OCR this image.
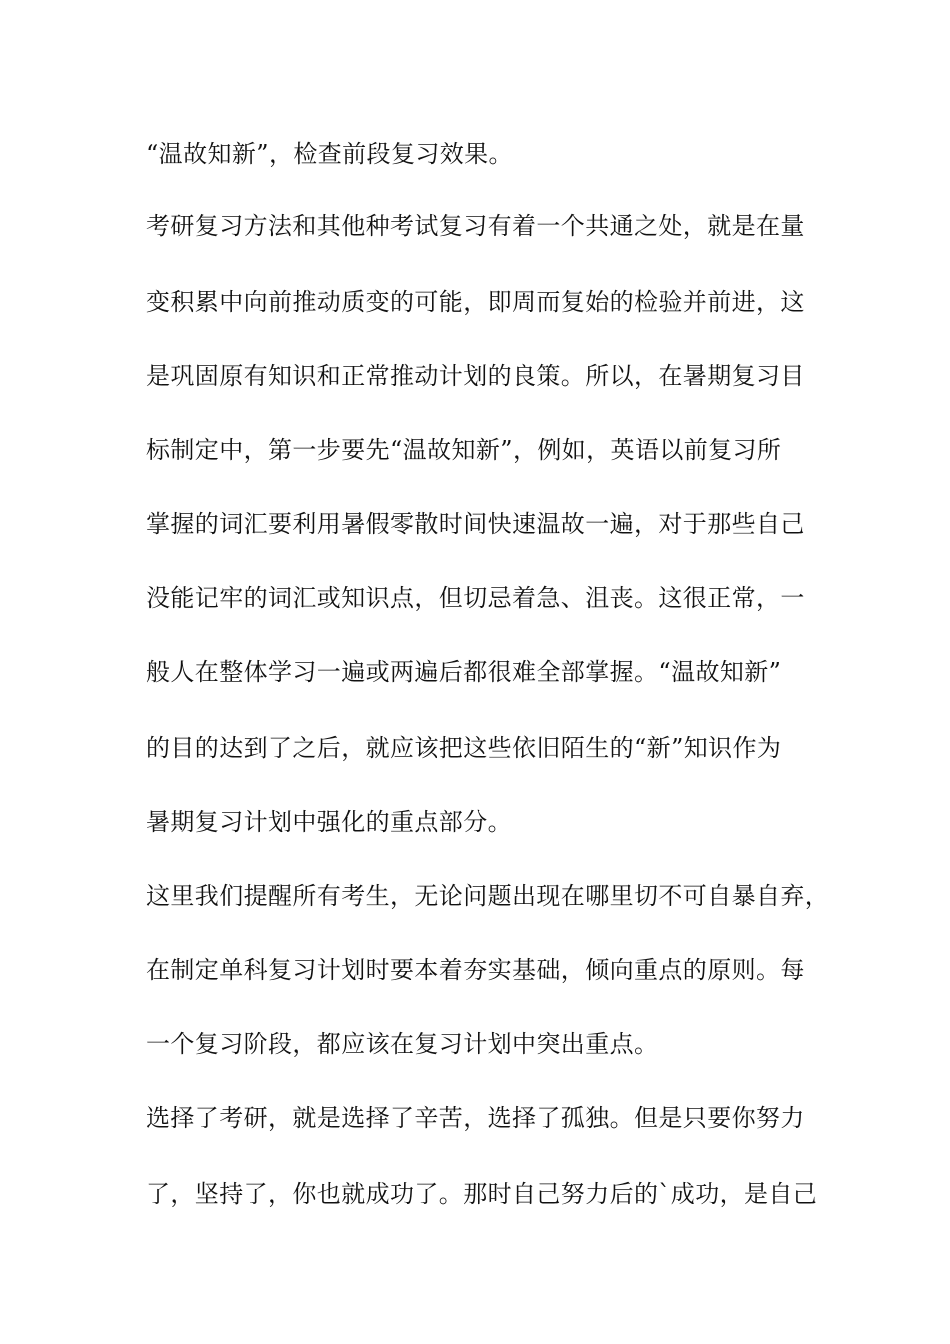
“温故知新”，检查前段复习效果。

考研复习方法和其他种考试复习有着一个共通之处，就是在量

变积累中向前推动质变的可能，即周而复始的检验并前进，这

是巩固原有知识和正常推动计划的良策。所以，在暑期复习目

标制定中，第一步要先“温故知新”，例如，英语以前复习所

掌握的词汇要利用暑假零散时间快速温故一遍，对于那些自己

没能记牢的词汇或知识点，但切忌着急、沮丧。这很正常，一

般人在整体学习一遍或两遍后都很难全部掌握。“温故知新”

的目的达到了之后，就应该把这些依旧陌生的“新”知识作为

暑期复习计划中强化的重点部分。

这里我们提醒所有考生，无论问题出现在哪里切不可自暴自弃，

在制定单科复习计划时要本着夯实基础，倾向重点的原则。每

一个复习阶段，都应该在复习计划中突出重点。

选择了考研，就是选择了辛苦，选择了孤独。但是只要你努力

了，坚持了，你也就成功了。那时自己努力后的`成功，是自己
